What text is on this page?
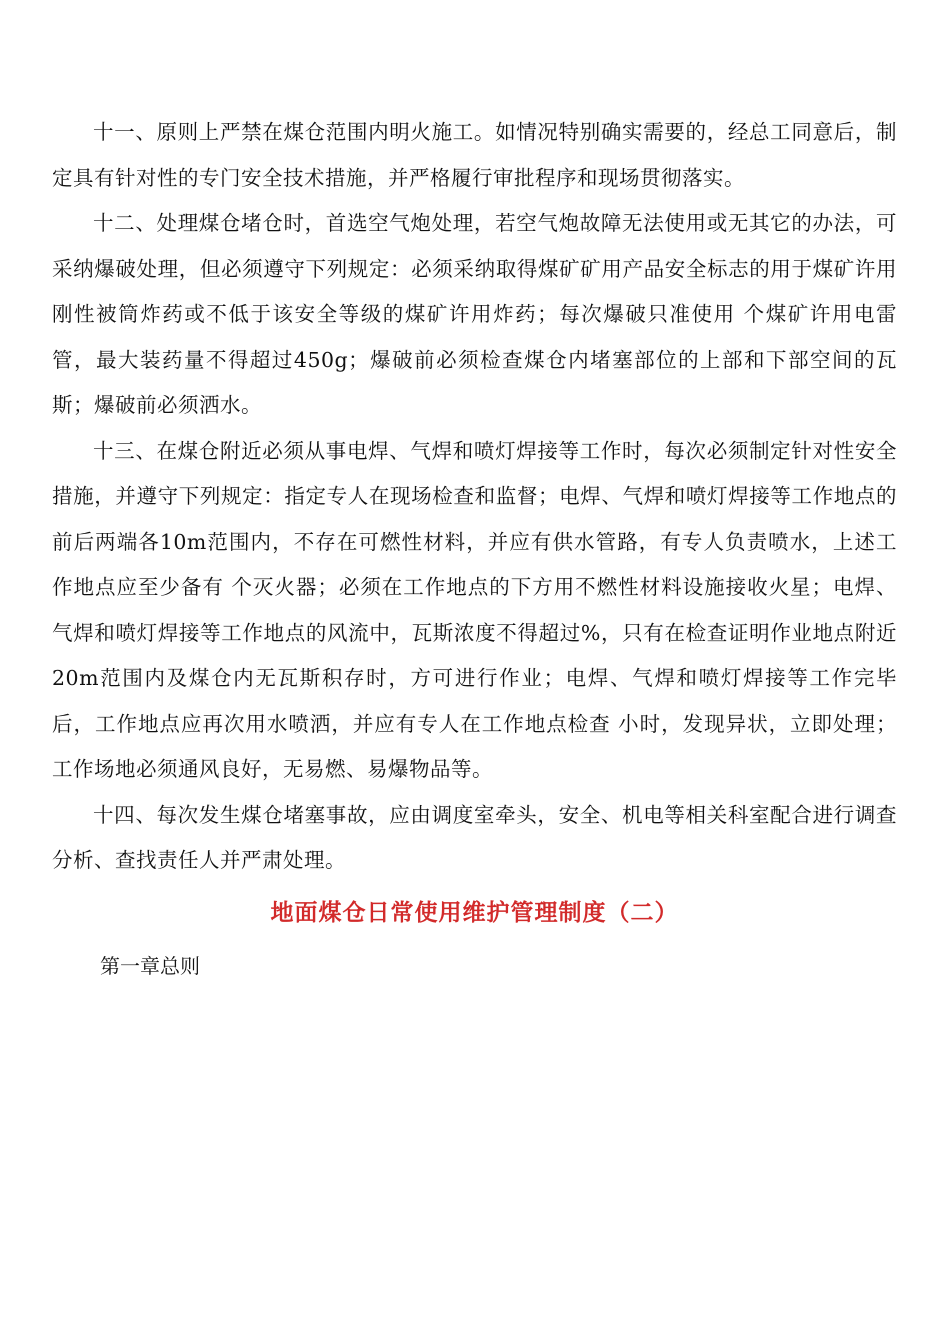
十一、原则上严禁在煤仓范围内明火施工。如情况特别确实需要的，经总工同意后，制定具有针对性的专门安全技术措施，并严格履行审批程序和现场贯彻落实。

十二、处理煤仓堵仓时，首选空气炮处理，若空气炮故障无法使用或无其它的办法，可采纳爆破处理，但必须遵守下列规定：必须采纳取得煤矿矿用产品安全标志的用于煤矿许用刚性被筒炸药或不低于该安全等级的煤矿许用炸药；每次爆破只准使用 个煤矿许用电雷管，最大装药量不得超过450g；爆破前必须检查煤仓内堵塞部位的上部和下部空间的瓦斯；爆破前必须洒水。

十三、在煤仓附近必须从事电焊、气焊和喷灯焊接等工作时，每次必须制定针对性安全措施，并遵守下列规定：指定专人在现场检查和监督；电焊、气焊和喷灯焊接等工作地点的前后两端各10m范围内，不存在可燃性材料，并应有供水管路，有专人负责喷水，上述工作地点应至少备有 个灭火器；必须在工作地点的下方用不燃性材料设施接收火星；电焊、气焊和喷灯焊接等工作地点的风流中，瓦斯浓度不得超过%，只有在检查证明作业地点附近20m范围内及煤仓内无瓦斯积存时，方可进行作业；电焊、气焊和喷灯焊接等工作完毕后，工作地点应再次用水喷洒，并应有专人在工作地点检查 小时，发现异状，立即处理；工作场地必须通风良好，无易燃、易爆物品等。

十四、每次发生煤仓堵塞事故，应由调度室牵头，安全、机电等相关科室配合进行调查分析、查找责任人并严肃处理。

地面煤仓日常使用维护管理制度（二）

第一章总则
